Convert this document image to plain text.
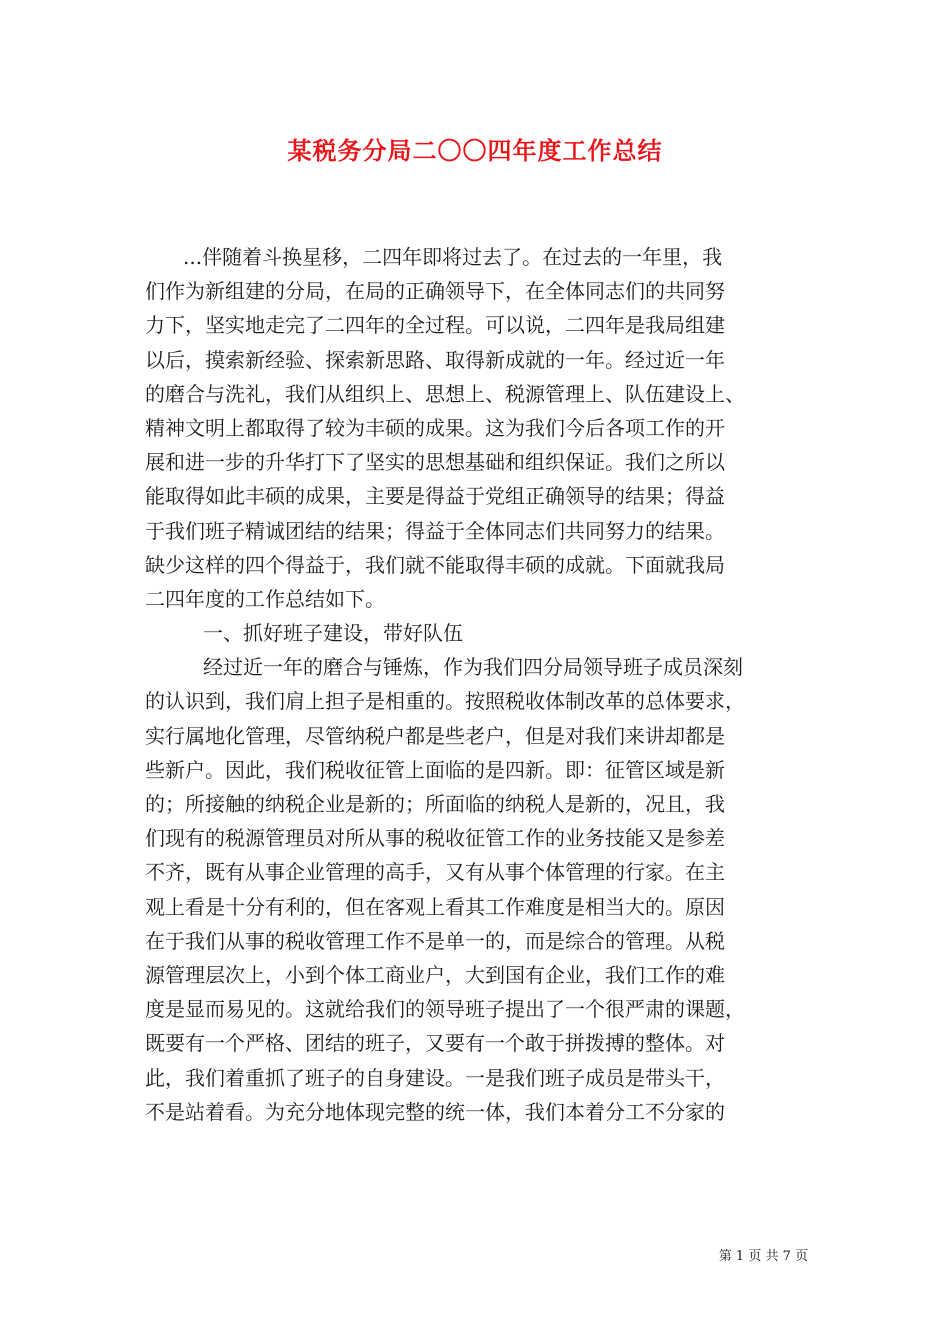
某税务分局二〇〇四年度工作总结
...伴随着斗换星移，二四年即将过去了。在过去的一年里，我
们作为新组建的分局，在局的正确领导下，在全体同志们的共同努
力下，坚实地走完了二四年的全过程。可以说，二四年是我局组建
以后，摸索新经验、探索新思路、取得新成就的一年。经过近一年
的磨合与洗礼，我们从组织上、思想上、税源管理上、队伍建设上、
精神文明上都取得了较为丰硕的成果。这为我们今后各项工作的开
展和进一步的升华打下了坚实的思想基础和组织保证。我们之所以
能取得如此丰硕的成果，主要是得益于党组正确领导的结果；得益
于我们班子精诚团结的结果；得益于全体同志们共同努力的结果。
缺少这样的四个得益于，我们就不能取得丰硕的成就。下面就我局
二四年度的工作总结如下。
一、抓好班子建设，带好队伍
经过近一年的磨合与锤炼，作为我们四分局领导班子成员深刻
的认识到，我们肩上担子是相重的。按照税收体制改革的总体要求，
实行属地化管理，尽管纳税户都是些老户，但是对我们来讲却都是
些新户。因此，我们税收征管上面临的是四新。即：征管区域是新
的；所接触的纳税企业是新的；所面临的纳税人是新的，况且，我
们现有的税源管理员对所从事的税收征管工作的业务技能又是参差
不齐，既有从事企业管理的高手，又有从事个体管理的行家。在主
观上看是十分有利的，但在客观上看其工作难度是相当大的。原因
在于我们从事的税收管理工作不是单一的，而是综合的管理。从税
源管理层次上，小到个体工商业户，大到国有企业，我们工作的难
度是显而易见的。这就给我们的领导班子提出了一个很严肃的课题，
既要有一个严格、团结的班子，又要有一个敢于拼拨搏的整体。对
此，我们着重抓了班子的自身建设。一是我们班子成员是带头干，
不是站着看。为充分地体现完整的统一体，我们本着分工不分家的
第 1 页 共 7 页
